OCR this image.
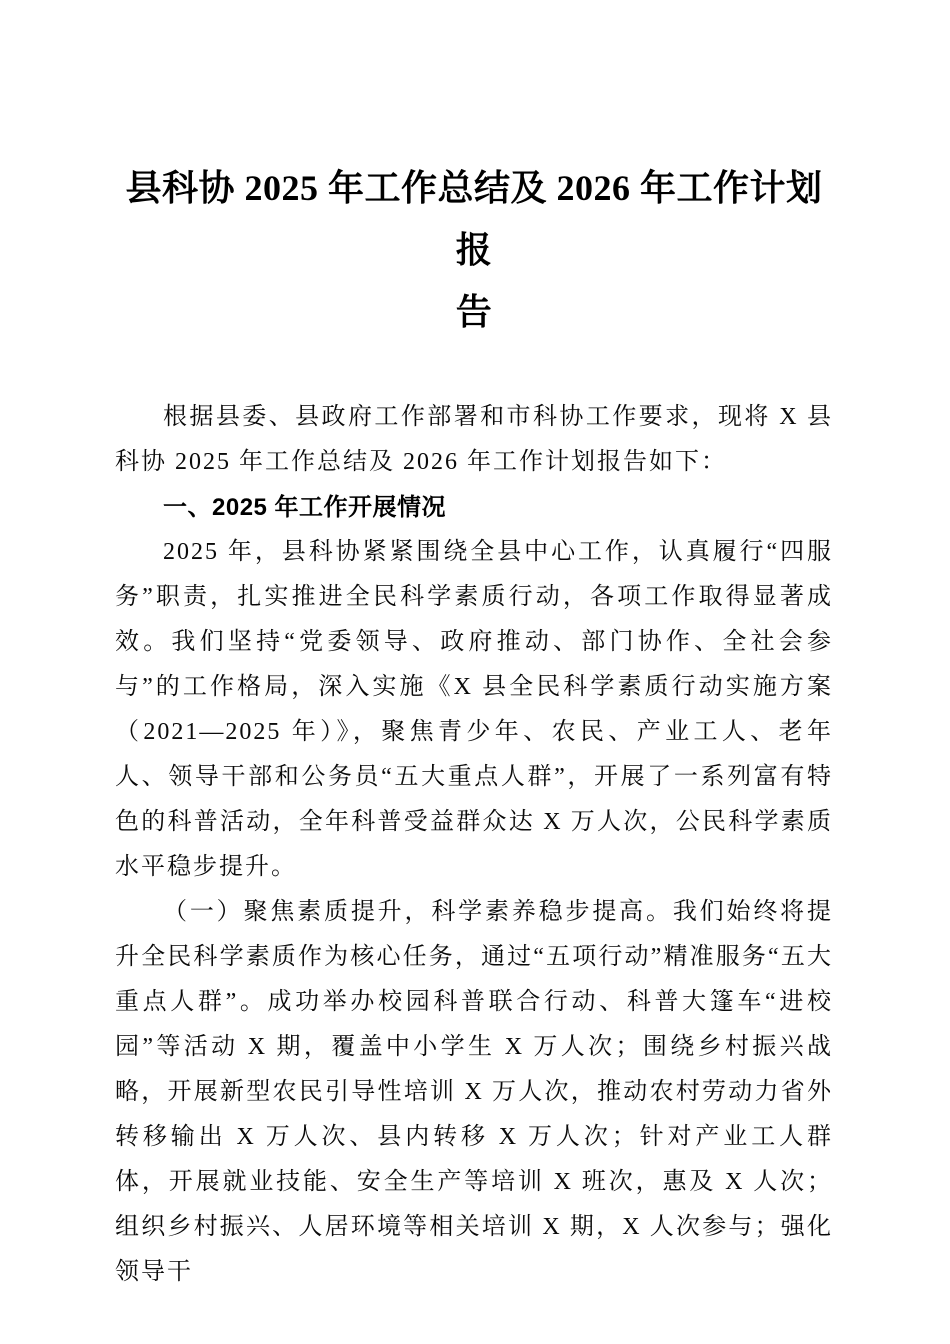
县科协 2025 年工作总结及 2026 年工作计划报
告

根据县委、县政府工作部署和市科协工作要求，现将 X 县科协 2025 年工作总结及 2026 年工作计划报告如下：

一、2025 年工作开展情况

2025 年，县科协紧紧围绕全县中心工作，认真履行“四服务”职责，扎实推进全民科学素质行动，各项工作取得显著成效。我们坚持“党委领导、政府推动、部门协作、全社会参与”的工作格局，深入实施《X 县全民科学素质行动实施方案（2021—2025 年）》，聚焦青少年、农民、产业工人、老年人、领导干部和公务员“五大重点人群”，开展了一系列富有特色的科普活动，全年科普受益群众达 X 万人次，公民科学素质水平稳步提升。

（一）聚焦素质提升，科学素养稳步提高。我们始终将提升全民科学素质作为核心任务，通过“五项行动”精准服务“五大重点人群”。成功举办校园科普联合行动、科普大篷车“进校园”等活动 X 期，覆盖中小学生 X 万人次；围绕乡村振兴战略，开展新型农民引导性培训 X 万人次，推动农村劳动力省外转移输出 X 万人次、县内转移 X 万人次；针对产业工人群体，开展就业技能、安全生产等培训 X 班次，惠及 X 人次；组织乡村振兴、人居环境等相关培训 X 期，X 人次参与；强化领导干
